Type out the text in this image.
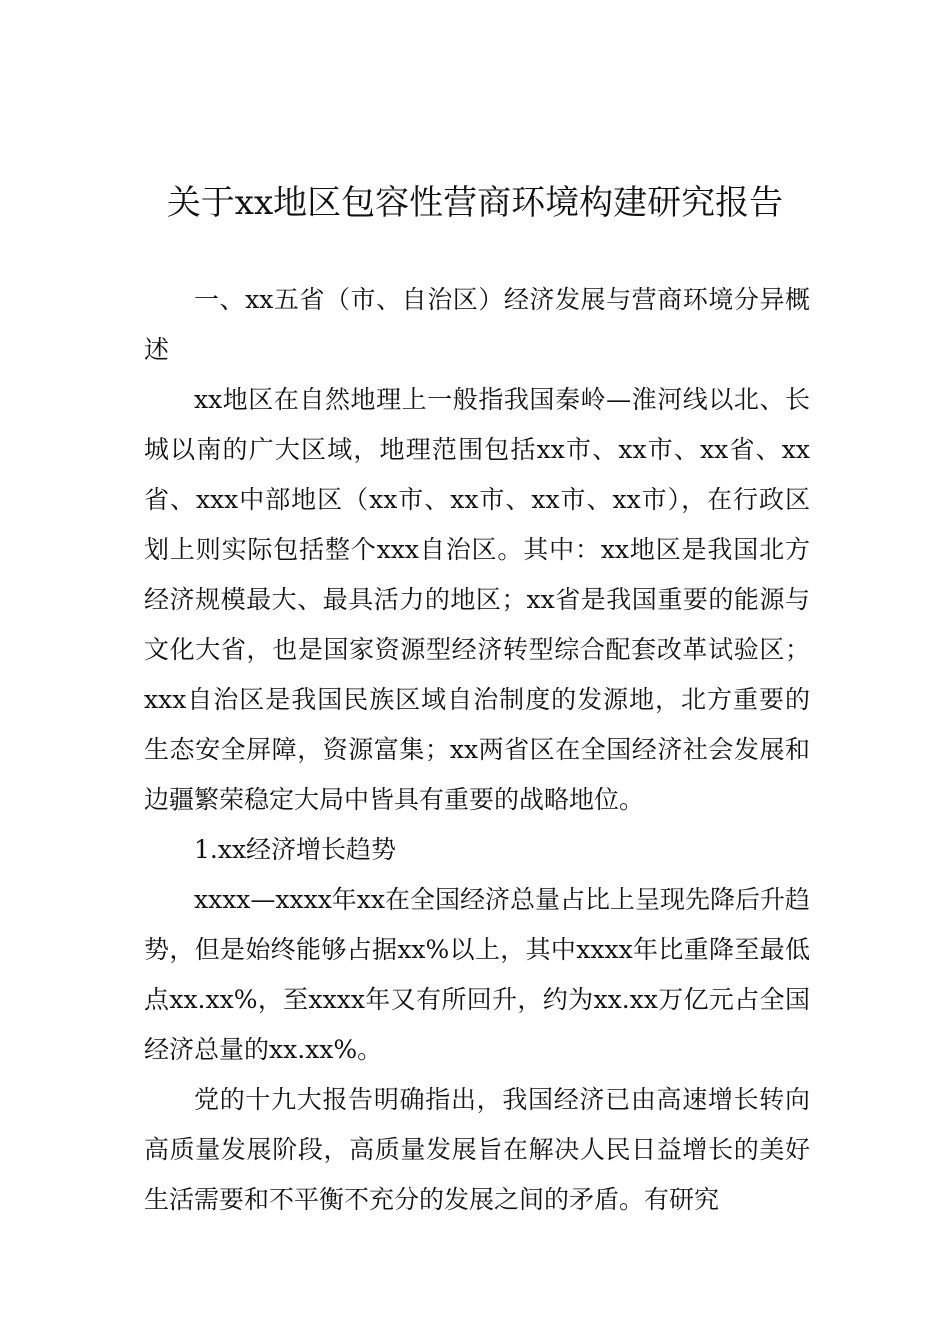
关于xx地区包容性营商环境构建研究报告

一、xx五省（市、自治区）经济发展与营商环境分异概述

xx地区在自然地理上一般指我国秦岭—淮河线以北、长城以南的广大区域，地理范围包括xx市、xx市、xx省、xx省、xxx中部地区（xx市、xx市、xx市、xx市），在行政区划上则实际包括整个xxx自治区。其中：xx地区是我国北方经济规模最大、最具活力的地区；xx省是我国重要的能源与文化大省，也是国家资源型经济转型综合配套改革试验区；xxx自治区是我国民族区域自治制度的发源地，北方重要的生态安全屏障，资源富集；xx两省区在全国经济社会发展和边疆繁荣稳定大局中皆具有重要的战略地位。

1.xx经济增长趋势

xxxx—xxxx年xx在全国经济总量占比上呈现先降后升趋势，但是始终能够占据xx%以上，其中xxxx年比重降至最低点xx.xx%，至xxxx年又有所回升，约为xx.xx万亿元占全国经济总量的xx.xx%。

党的十九大报告明确指出，我国经济已由高速增长转向高质量发展阶段，高质量发展旨在解决人民日益增长的美好生活需要和不平衡不充分的发展之间的矛盾。有研究
